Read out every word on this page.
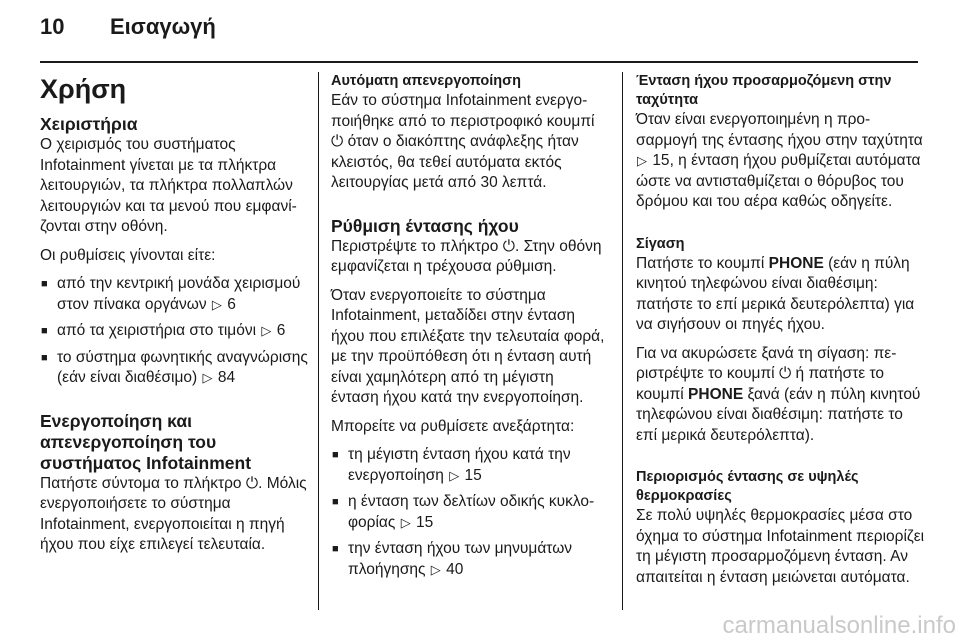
10 Εισαγωγή
Χρήση
Χειριστήρια

Ο χειρισμός του συστήματος Infotainment γίνεται με τα πλήκτρα λειτουργιών, τα πλήκτρα πολλαπλών λειτουργιών και τα μενού που εμφανίζονται στην οθόνη.

Οι ρυθμίσεις γίνονται είτε:

■ από την κεντρική μονάδα χειρισμού στον πίνακα οργάνων ▷ 6
■ από τα χειριστήρια στο τιμόνι ▷ 6
■ το σύστημα φωνητικής αναγνώρισης (εάν είναι διαθέσιμο) ▷ 84
Ενεργοποίηση και απενεργοποίηση του συστήματος Infotainment

Πατήστε σύντομα το πλήκτρο ⏻. Μόλις ενεργοποιήσετε το σύστημα Infotainment, ενεργοποιείται η πηγή ήχου που είχε επιλεγεί τελευταία.

Αυτόματη απενεργοποίηση

Εάν το σύστημα Infotainment ενεργοποιήθηκε από το περιστροφικό κουμπί ⏻ όταν ο διακόπτης ανάφλεξης ήταν κλειστός, θα τεθεί αυτόματα εκτός λειτουργίας μετά από 30 λεπτά.

Ρύθμιση έντασης ήχου

Περιστρέψτε το πλήκτρο ⏻. Στην οθόνη εμφανίζεται η τρέχουσα ρύθμιση.

Όταν ενεργοποιείτε το σύστημα Infotainment, μεταδίδει στην ένταση ήχου που επιλέξατε την τελευταία φορά, με την προϋπόθεση ότι η ένταση αυτή είναι χαμηλότερη από τη μέγιστη ένταση ήχου κατά την ενεργοποίηση.

Μπορείτε να ρυθμίσετε ανεξάρτητα:

■ τη μέγιστη ένταση ήχου κατά την ενεργοποίηση ▷ 15
■ η ένταση των δελτίων οδικής κυκλοφορίας ▷ 15
■ την ένταση ήχου των μηνυμάτων πλοήγησης ▷ 40
Ένταση ήχου προσαρμοζόμενη στην ταχύτητα

Όταν είναι ενεργοποιημένη η προσαρμογή της έντασης ήχου στην ταχύτητα ▷ 15, η ένταση ήχου ρυθμίζεται αυτόματα ώστε να αντισταθμίζεται ο θόρυβος του δρόμου και του αέρα καθώς οδηγείτε.

Σίγαση

Πατήστε το κουμπί PHONE (εάν η πύλη κινητού τηλεφώνου είναι διαθέσιμη: πατήστε το επί μερικά δευτερόλεπτα) για να σιγήσουν οι πηγές ήχου.

Για να ακυρώσετε ξανά τη σίγαση: περιστρέψτε το κουμπί ⏻ ή πατήστε το κουμπί PHONE ξανά (εάν η πύλη κινητού τηλεφώνου είναι διαθέσιμη: πατήστε το επί μερικά δευτερόλεπτα).

Περιορισμός έντασης σε υψηλές θερμοκρασίες

Σε πολύ υψηλές θερμοκρασίες μέσα στο όχημα το σύστημα Infotainment περιορίζει τη μέγιστη προσαρμοζόμενη ένταση. Αν απαιτείται η ένταση μειώνεται αυτόματα.

carmanualsonline.info
